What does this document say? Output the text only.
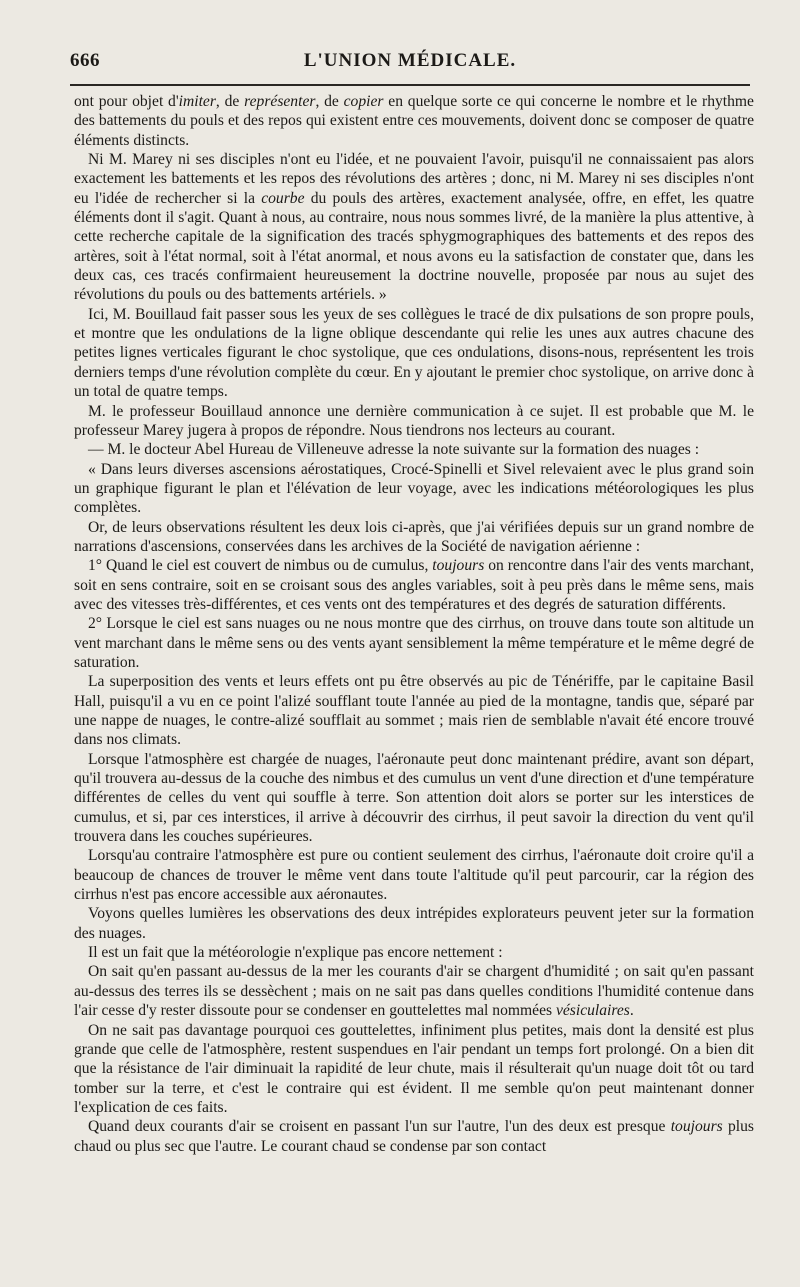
666	L'UNION MÉDICALE.

ont pour objet d'imiter, de représenter, de copier en quelque sorte ce qui concerne le nombre et le rhythme des battements du pouls et des repos qui existent entre ces mouvements, doivent donc se composer de quatre éléments distincts.

Ni M. Marey ni ses disciples n'ont eu l'idée, et ne pouvaient l'avoir, puisqu'il ne connaissaient pas alors exactement les battements et les repos des révolutions des artères ; donc, ni M. Marey ni ses disciples n'ont eu l'idée de rechercher si la courbe du pouls des artères, exactement analysée, offre, en effet, les quatre éléments dont il s'agit. Quant à nous, au contraire, nous nous sommes livré, de la manière la plus attentive, à cette recherche capitale de la signification des tracés sphygmographiques des battements et des repos des artères, soit à l'état normal, soit à l'état anormal, et nous avons eu la satisfaction de constater que, dans les deux cas, ces tracés confirmaient heureusement la doctrine nouvelle, proposée par nous au sujet des révolutions du pouls ou des battements artériels. »

Ici, M. Bouillaud fait passer sous les yeux de ses collègues le tracé de dix pulsations de son propre pouls, et montre que les ondulations de la ligne oblique descendante qui relie les unes aux autres chacune des petites lignes verticales figurant le choc systolique, que ces ondulations, disons-nous, représentent les trois derniers temps d'une révolution complète du cœur. En y ajoutant le premier choc systolique, on arrive donc à un total de quatre temps.

M. le professeur Bouillaud annonce une dernière communication à ce sujet. Il est probable que M. le professeur Marey jugera à propos de répondre. Nous tiendrons nos lecteurs au courant.

— M. le docteur Abel Hureau de Villeneuve adresse la note suivante sur la formation des nuages :

« Dans leurs diverses ascensions aérostatiques, Crocé-Spinelli et Sivel relevaient avec le plus grand soin un graphique figurant le plan et l'élévation de leur voyage, avec les indications météorologiques les plus complètes.

Or, de leurs observations résultent les deux lois ci-après, que j'ai vérifiées depuis sur un grand nombre de narrations d'ascensions, conservées dans les archives de la Société de navigation aérienne :

1° Quand le ciel est couvert de nimbus ou de cumulus, toujours on rencontre dans l'air des vents marchant, soit en sens contraire, soit en se croisant sous des angles variables, soit à peu près dans le même sens, mais avec des vitesses très-différentes, et ces vents ont des températures et des degrés de saturation différents.

2° Lorsque le ciel est sans nuages ou ne nous montre que des cirrhus, on trouve dans toute son altitude un vent marchant dans le même sens ou des vents ayant sensiblement la même température et le même degré de saturation.

La superposition des vents et leurs effets ont pu être observés au pic de Ténériffe, par le capitaine Basil Hall, puisqu'il a vu en ce point l'alizé soufflant toute l'année au pied de la montagne, tandis que, séparé par une nappe de nuages, le contre-alizé soufflait au sommet ; mais rien de semblable n'avait été encore trouvé dans nos climats.

Lorsque l'atmosphère est chargée de nuages, l'aéronaute peut donc maintenant prédire, avant son départ, qu'il trouvera au-dessus de la couche des nimbus et des cumulus un vent d'une direction et d'une température différentes de celles du vent qui souffle à terre. Son attention doit alors se porter sur les interstices de cumulus, et si, par ces interstices, il arrive à découvrir des cirrhus, il peut savoir la direction du vent qu'il trouvera dans les couches supérieures.

Lorsqu'au contraire l'atmosphère est pure ou contient seulement des cirrhus, l'aéronaute doit croire qu'il a beaucoup de chances de trouver le même vent dans toute l'altitude qu'il peut parcourir, car la région des cirrhus n'est pas encore accessible aux aéronautes.

Voyons quelles lumières les observations des deux intrépides explorateurs peuvent jeter sur la formation des nuages.

Il est un fait que la météorologie n'explique pas encore nettement :

On sait qu'en passant au-dessus de la mer les courants d'air se chargent d'humidité ; on sait qu'en passant au-dessus des terres ils se dessèchent ; mais on ne sait pas dans quelles conditions l'humidité contenue dans l'air cesse d'y rester dissoute pour se condenser en gouttelettes mal nommées vésiculaires.

On ne sait pas davantage pourquoi ces gouttelettes, infiniment plus petites, mais dont la densité est plus grande que celle de l'atmosphère, restent suspendues en l'air pendant un temps fort prolongé. On a bien dit que la résistance de l'air diminuait la rapidité de leur chute, mais il résulterait qu'un nuage doit tôt ou tard tomber sur la terre, et c'est le contraire qui est évident. Il me semble qu'on peut maintenant donner l'explication de ces faits.

Quand deux courants d'air se croisent en passant l'un sur l'autre, l'un des deux est presque toujours plus chaud ou plus sec que l'autre. Le courant chaud se condense par son contact
